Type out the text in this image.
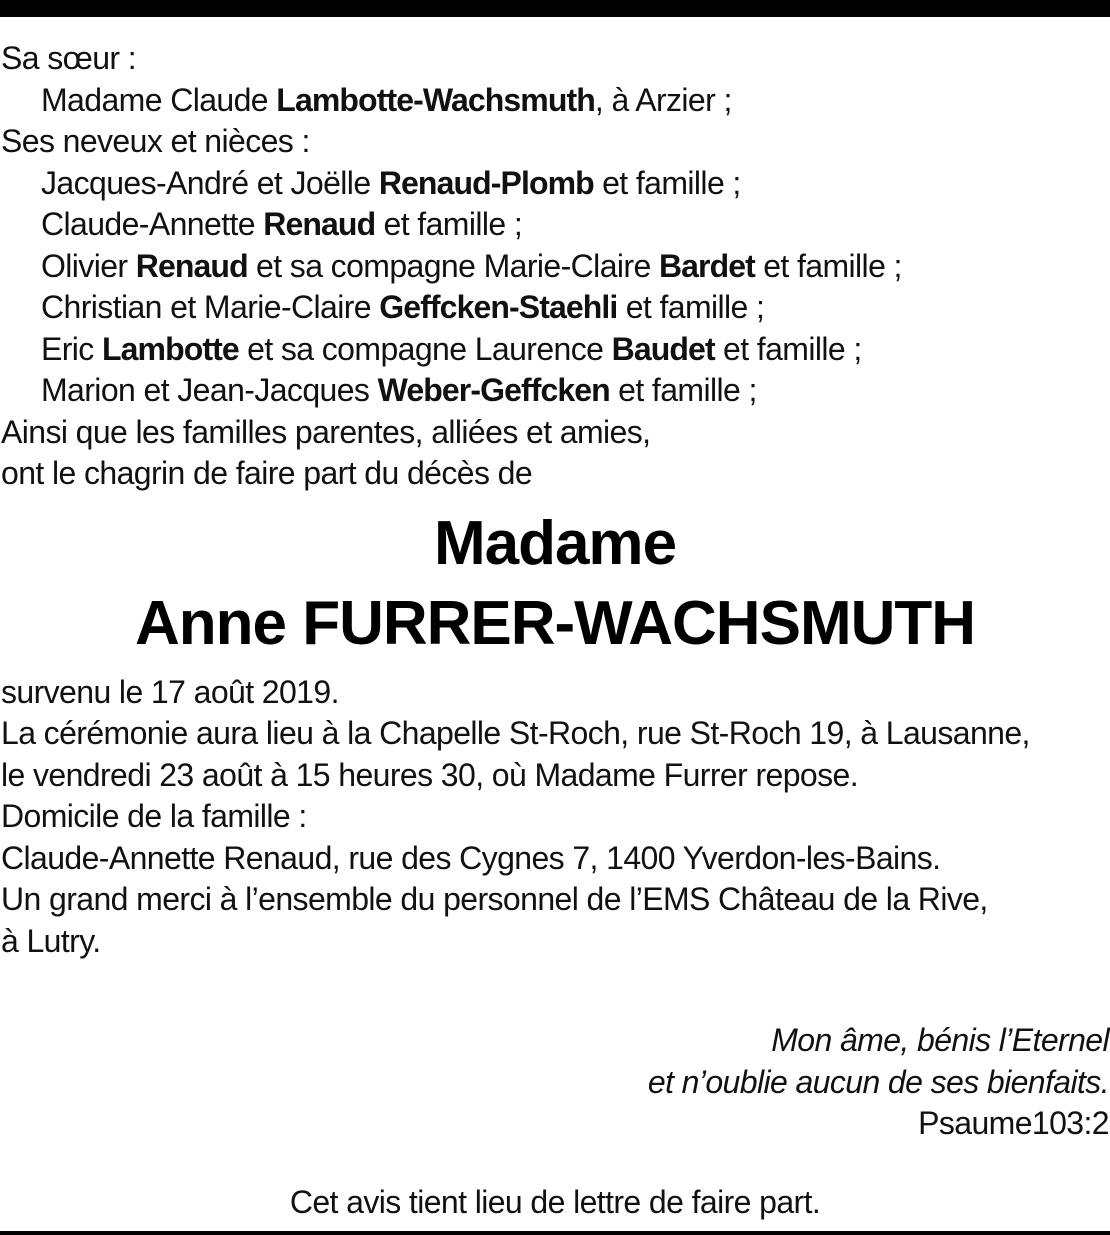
Sa sœur :
Madame Claude Lambotte-Wachsmuth, à Arzier ;
Ses neveux et nièces :
Jacques-André et Joëlle Renaud-Plomb et famille ;
Claude-Annette Renaud et famille ;
Olivier Renaud et sa compagne Marie-Claire Bardet et famille ;
Christian et Marie-Claire Geffcken-Staehli et famille ;
Eric Lambotte et sa compagne Laurence Baudet et famille ;
Marion et Jean-Jacques Weber-Geffcken et famille ;
Ainsi que les familles parentes, alliées et amies,
ont le chagrin de faire part du décès de
Madame
Anne FURRER-WACHSMUTH
survenu le 17 août 2019.
La cérémonie aura lieu à la Chapelle St-Roch, rue St-Roch 19, à Lausanne,
le vendredi 23 août à 15 heures 30, où Madame Furrer repose.
Domicile de la famille :
Claude-Annette Renaud, rue des Cygnes 7, 1400 Yverdon-les-Bains.
Un grand merci à l’ensemble du personnel de l’EMS Château de la Rive,
à Lutry.
Mon âme, bénis l’Eternel
et n’oublie aucun de ses bienfaits.
Psaume103:2
Cet avis tient lieu de lettre de faire part.
